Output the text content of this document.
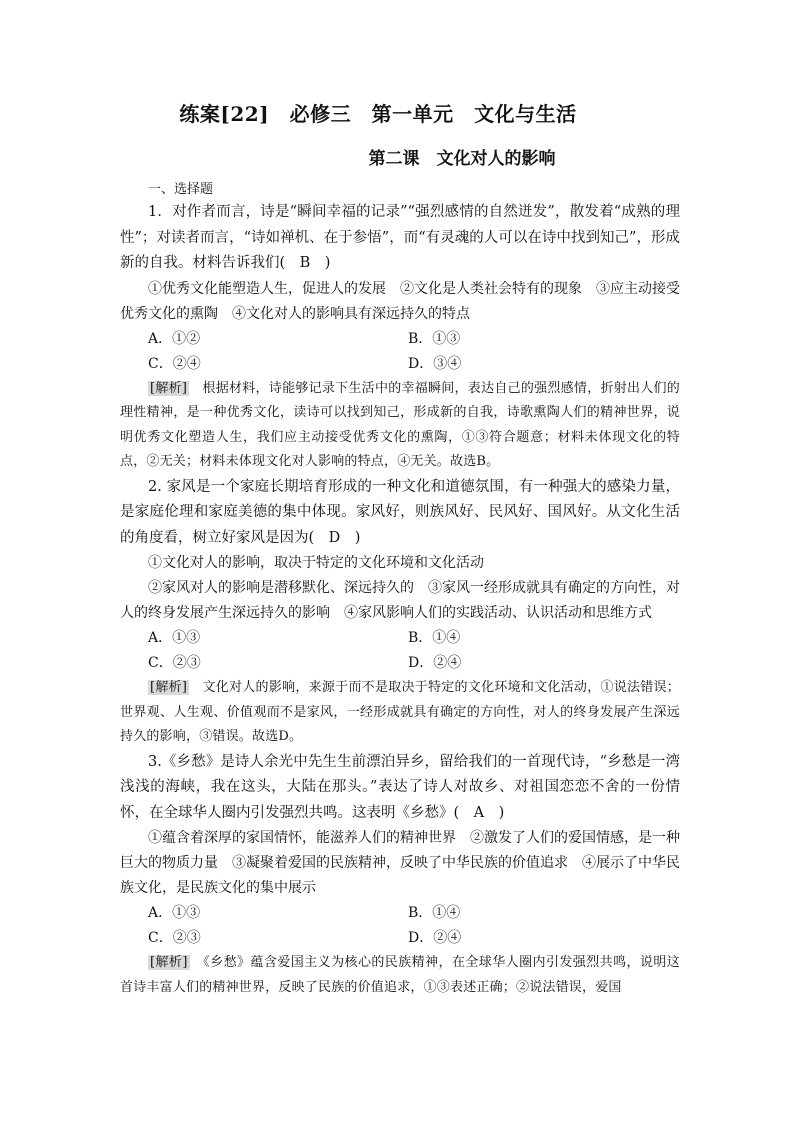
练案[22]　必修三　第一单元　文化与生活
第二课　文化对人的影响
一、选择题

1．对作者而言，诗是“瞬间幸福的记录”“强烈感情的自然迸发”，散发着“成熟的理性”；对读者而言，“诗如禅机、在于参悟”，而“有灵魂的人可以在诗中找到知己”，形成新的自我。材料告诉我们(　B　)

①优秀文化能塑造人生，促进人的发展　②文化是人类社会特有的现象　③应主动接受优秀文化的熏陶　④文化对人的影响具有深远持久的特点

A．①②	B．①③
C．②④	D．③④

[解析]　根据材料，诗能够记录下生活中的幸福瞬间，表达自己的强烈感情，折射出人们的理性精神，是一种优秀文化，读诗可以找到知己，形成新的自我，诗歌熏陶人们的精神世界，说明优秀文化塑造人生，我们应主动接受优秀文化的熏陶，①③符合题意；材料未体现文化的特点，②无关；材料未体现文化对人影响的特点，④无关。故选B。

2. 家风是一个家庭长期培育形成的一种文化和道德氛围，有一种强大的感染力量，是家庭伦理和家庭美德的集中体现。家风好，则族风好、民风好、国风好。从文化生活的角度看，树立好家风是因为(　D　)

①文化对人的影响，取决于特定的文化环境和文化活动

②家风对人的影响是潜移默化、深远持久的　③家风一经形成就具有确定的方向性，对人的终身发展产生深远持久的影响　④家风影响人们的实践活动、认识活动和思维方式

A．①③	B．①④
C．②③	D．②④

[解析]　文化对人的影响，来源于而不是取决于特定的文化环境和文化活动，①说法错误；世界观、人生观、价值观而不是家风，一经形成就具有确定的方向性，对人的终身发展产生深远持久的影响，③错误。故选D。

3.《乡愁》是诗人余光中先生生前漂泊异乡，留给我们的一首现代诗，“乡愁是一湾浅浅的海峡，我在这头，大陆在那头。”表达了诗人对故乡、对祖国恋恋不舍的一份情怀，在全球华人圈内引发强烈共鸣。这表明《乡愁》(　A　)

①蕴含着深厚的家国情怀，能滋养人们的精神世界　②激发了人们的爱国情感，是一种巨大的物质力量　③凝聚着爱国的民族精神，反映了中华民族的价值追求　④展示了中华民族文化，是民族文化的集中展示

A．①③	B．①④
C．②③	D．②④

[解析]　《乡愁》蕴含爱国主义为核心的民族精神，在全球华人圈内引发强烈共鸣，说明这首诗丰富人们的精神世界，反映了民族的价值追求，①③表述正确；②说法错误，爱国
